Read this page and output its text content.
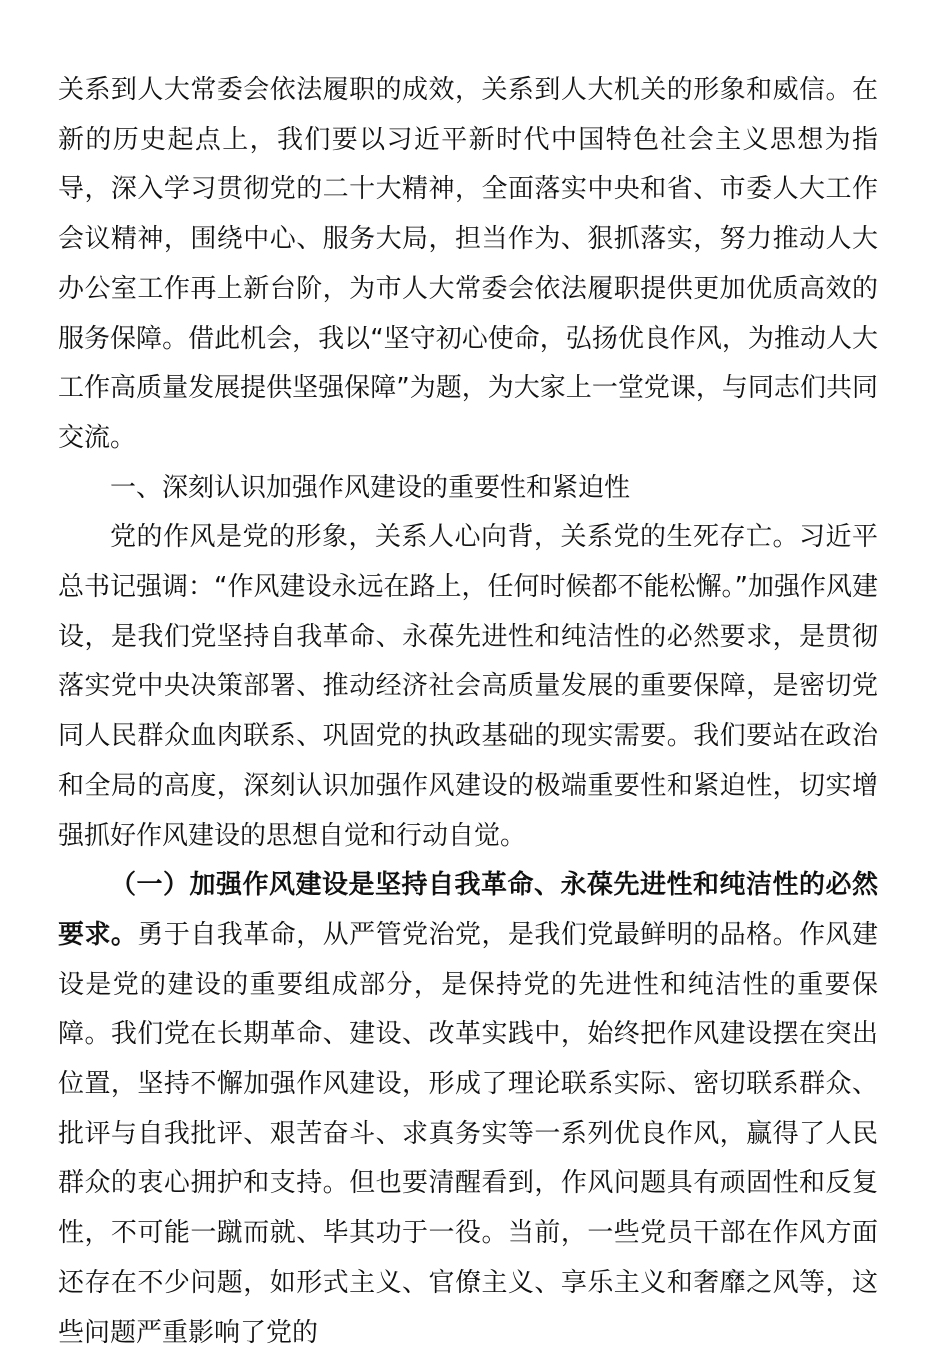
关系到人大常委会依法履职的成效，关系到人大机关的形象和威信。在新的历史起点上，我们要以习近平新时代中国特色社会主义思想为指导，深入学习贯彻党的二十大精神，全面落实中央和省、市委人大工作会议精神，围绕中心、服务大局，担当作为、狠抓落实，努力推动人大办公室工作再上新台阶，为市人大常委会依法履职提供更加优质高效的服务保障。借此机会，我以“坚守初心使命，弘扬优良作风，为推动人大工作高质量发展提供坚强保障”为题，为大家上一堂党课，与同志们共同交流。

一、深刻认识加强作风建设的重要性和紧迫性

党的作风是党的形象，关系人心向背，关系党的生死存亡。习近平总书记强调：“作风建设永远在路上，任何时候都不能松懈。”加强作风建设，是我们党坚持自我革命、永葆先进性和纯洁性的必然要求，是贯彻落实党中央决策部署、推动经济社会高质量发展的重要保障，是密切党同人民群众血肉联系、巩固党的执政基础的现实需要。我们要站在政治和全局的高度，深刻认识加强作风建设的极端重要性和紧迫性，切实增强抓好作风建设的思想自觉和行动自觉。

（一）加强作风建设是坚持自我革命、永葆先进性和纯洁性的必然要求。勇于自我革命，从严管党治党，是我们党最鲜明的品格。作风建设是党的建设的重要组成部分，是保持党的先进性和纯洁性的重要保障。我们党在长期革命、建设、改革实践中，始终把作风建设摆在突出位置，坚持不懈加强作风建设，形成了理论联系实际、密切联系群众、批评与自我批评、艰苦奋斗、求真务实等一系列优良作风，赢得了人民群众的衷心拥护和支持。但也要清醒看到，作风问题具有顽固性和反复性，不可能一蹴而就、毕其功于一役。当前，一些党员干部在作风方面还存在不少问题，如形式主义、官僚主义、享乐主义和奢靡之风等，这些问题严重影响了党的
